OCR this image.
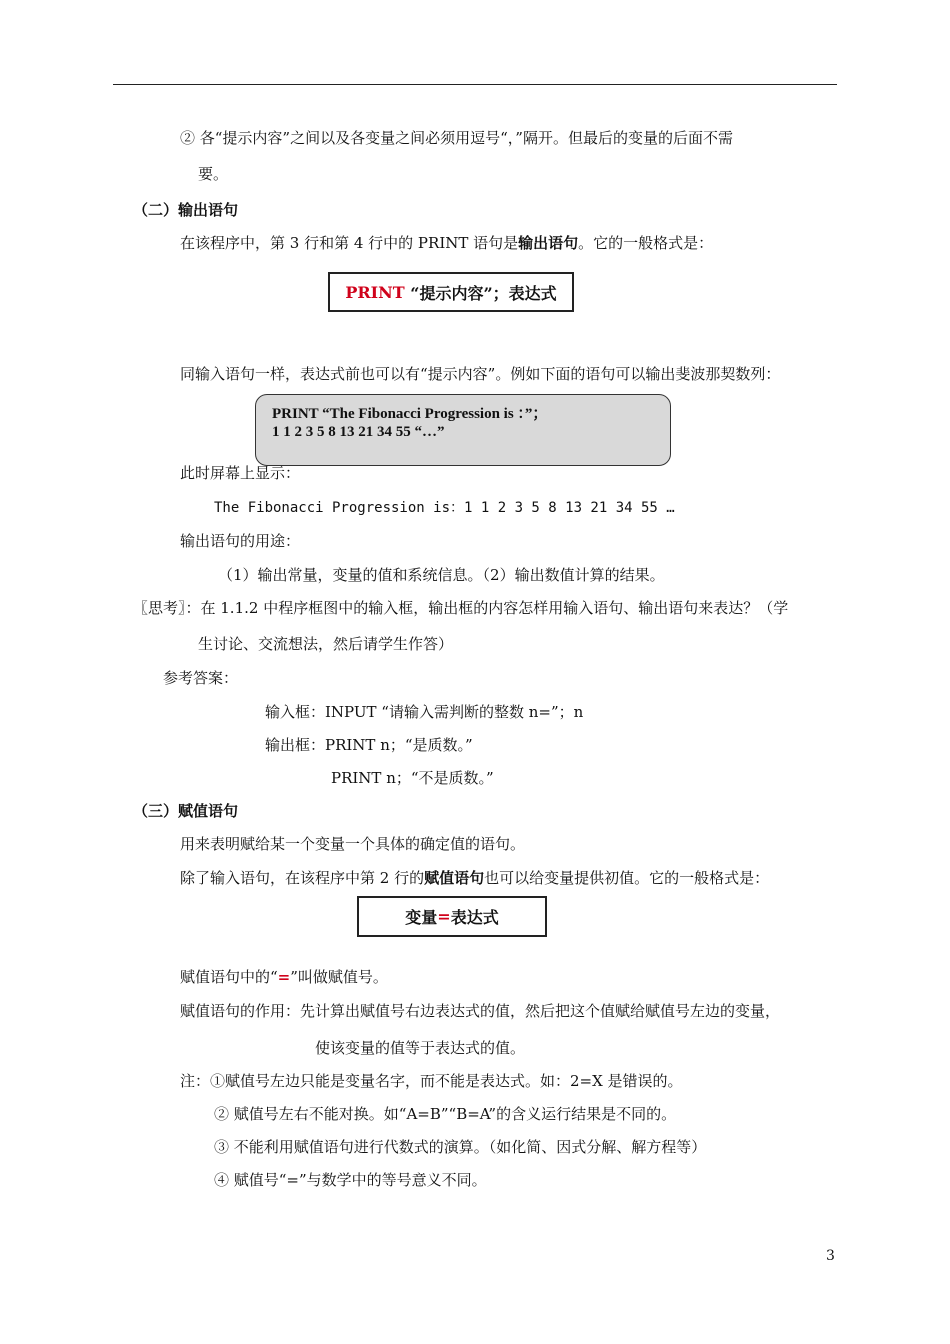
② 各“提示内容”之间以及各变量之间必须用逗号“，”隔开。但最后的变量的后面不需
要。
（二）输出语句
在该程序中，第 3 行和第 4 行中的 PRINT 语句是输出语句。它的一般格式是：
PRINT “提示内容”；表达式
同输入语句一样，表达式前也可以有“提示内容”。例如下面的语句可以输出斐波那契数列：
PRINT “The Fibonacci Progression is ：”；
1 1 2 3 5 8 13 21 34 55 “…”
此时屏幕上显示：
The Fibonacci Progression is：1 1 2 3 5 8 13 21 34 55 …
输出语句的用途：
（1）输出常量，变量的值和系统信息。（2）输出数值计算的结果。
〖思考〗：在 1.1.2 中程序框图中的输入框，输出框的内容怎样用输入语句、输出语句来表达？（学
生讨论、交流想法，然后请学生作答）
参考答案：
输入框：INPUT “请输入需判断的整数 n=”；n
输出框：PRINT n；“是质数。”
PRINT n；“不是质数。”
（三）赋值语句
用来表明赋给某一个变量一个具体的确定值的语句。
除了输入语句，在该程序中第 2 行的赋值语句也可以给变量提供初值。它的一般格式是：
变量 = 表达式
赋值语句中的“=”叫做赋值号。
赋值语句的作用：先计算出赋值号右边表达式的值，然后把这个值赋给赋值号左边的变量，
使该变量的值等于表达式的值。
注：①赋值号左边只能是变量名字，而不能是表达式。如：2=X 是错误的。
② 赋值号左右不能对换。如“A=B”“B=A”的含义运行结果是不同的。
③ 不能利用赋值语句进行代数式的演算。（如化简、因式分解、解方程等）
④ 赋值号“=”与数学中的等号意义不同。
3
